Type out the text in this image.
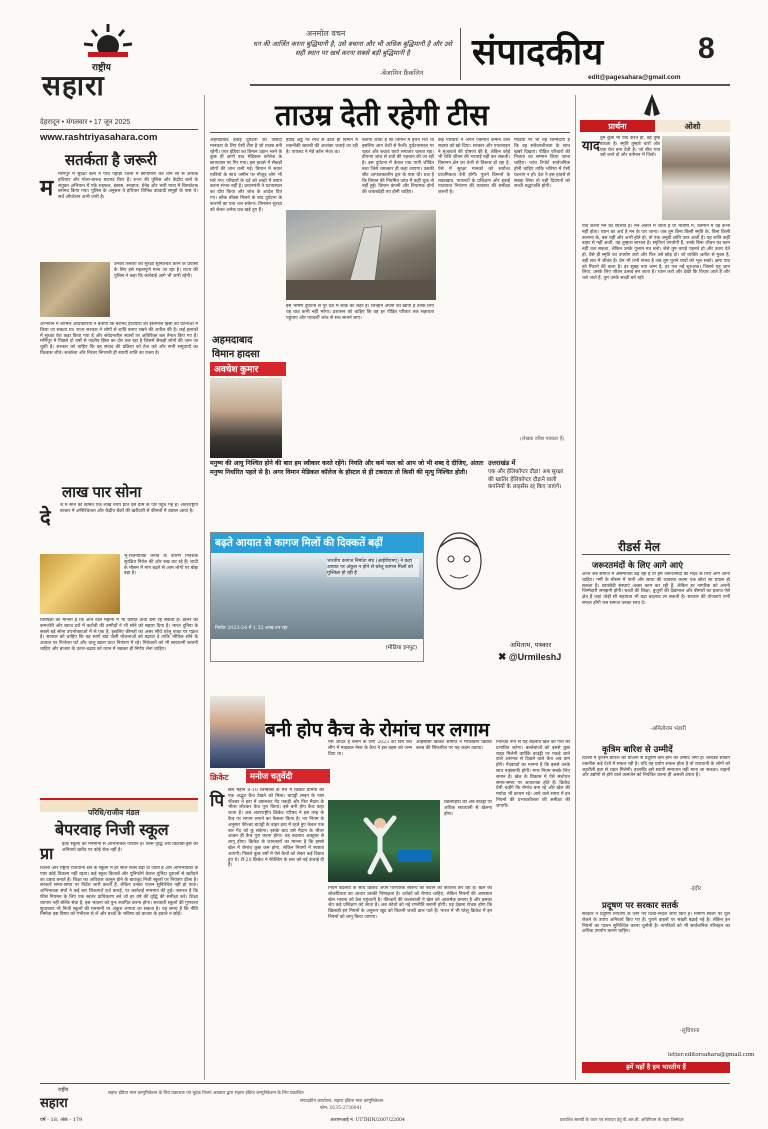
राष्ट्रीय
सहारा
देहरादून • मंगलवार • 17 जून 2025
www.rashtriyasahara.com
अनमोल वचन
धन की आर्जित करना बुद्धिमानी है, उसे बचाना और भी अधिक बुद्धिमानी है और उसे सही स्थान पर खर्च करना सबसे बड़ी बुद्धिमानी है
-बेंजामिन फ्रैंकलिन
संपादकीय	8
edit@pagesahara@gmail.com
सतर्कता है जरूरी
म
मणिपुर में सुरक्षा बलों ने पांच पहाड़ी जिलों में छापामारी कर तीन सौ से अधिक हथियार और गोला-बारूद बरामद किए हैं। राज्य की पुलिस और केंद्रीय बलों के संयुक्त अभियान में एके राइफल, इंसास, स्नाइपर, ग्रेनेड और भारी मात्रा में विस्फोटक बरामद किया गया। पुलिस के अनुसार ये हथियार विभिन्न उग्रवादी समूहों के पास थे। सर्च ऑपरेशन अभी जारी है।
उनकी तलाशी की सुरक्षा सुनिश्चित करने के प्रयासों के लिए इसे महत्वपूर्ण माना जा रहा है। राज्य की पुलिस ने कहा कि कार्रवाई आगे भी जारी रहेगी।
अभियान में शामिल अधिकारियों ने बताया कि बरामद हथियारों का इस्तेमाल हिंसा की घटनाओं में किया जा सकता था। राज्य सरकार ने लोगों से शांति बनाए रखने की अपील की है। कई इलाकों में सुरक्षा घेरा कड़ा किया गया है और संवेदनशील स्थानों पर अतिरिक्त बल तैनात किए गए हैं। मणिपुर में पिछले दो वर्षों से जातीय हिंसा का दौर चल रहा है जिसमें सैकड़ों लोगों की जान जा चुकी है। सरकार को चाहिए कि वह संवाद की प्रक्रिया को तेज करे और सभी समुदायों का विश्वास जीते। सतर्कता और निरंतर निगरानी ही स्थायी शांति का रास्ता है।
लाख पार सोना
दे श में सोने की कीमत एक लाख रुपये प्रति दस ग्राम के पार पहुंच गई है। अंतरराष्ट्रीय बाजार में अनिश्चितता और केंद्रीय बैंकों की खरीदारी से कीमतों में उछाल आया है।
भू-राजनीतिक तनाव के कारण निवेशक सुरक्षित निवेश की ओर रुख कर रहे हैं। शादी के मौसम में मांग बढ़ने से आम लोगों पर बोझ बढ़ा है।
विशेषज्ञों का मानना है कि आने वाले महीनों में भी कीमतें ऊंची बनी रह सकती हैं। डॉलर की कमजोरी और ब्याज दरों में कटौती की उम्मीदों ने भी सोने को सहारा दिया है। भारत दुनिया के सबसे बड़े सोना उपभोक्ताओं में से एक है, इसलिए कीमतों का असर सीधे घरेलू बजट पर पड़ता है। सरकार को चाहिए कि वह स्वर्ण बांड जैसी योजनाओं को बढ़ावा दे ताकि भौतिक सोने के आयात पर निर्भरता घटे और चालू खाता घाटा नियंत्रण में रहे। निवेशकों को भी सावधानी बरतनी चाहिए और बाजार के उतार-चढ़ाव को ध्यान में रखकर ही निर्णय लेना चाहिए।
परिधि/राजीव मंडल
बेपरवाह निजी स्कूल
प्रा इवेट स्कूलों की मनमानी से अभिभावक परेशान हैं। फीस वृद्धि और किताबों-ड्रेस की अनिवार्य खरीद पर कोई रोक नहीं है।
दिल्ली और राष्ट्रीय राजधानी क्षेत्र के स्कूलों में हर साल फीस बढ़ा दी जाती है और अभिभावकों के पास कोई विकल्प नहीं रहता। कई स्कूल किताबें और यूनिफॉर्म केवल चुनिंदा दुकानों से खरीदने का दबाव बनाते हैं। शिक्षा का अधिकार कानून होने के बावजूद निजी स्कूलों पर नियंत्रण ढीला है। सरकारें समय-समय पर निर्देश जारी करती हैं, लेकिन उनका पालन सुनिश्चित नहीं हो पाता। अभिभावक संघों ने कई बार शिकायतें दर्ज कराईं, पर कार्रवाई नाममात्र की हुई। जरूरत है कि फीस नियमन के लिए एक स्वतंत्र प्राधिकरण बने जो हर वर्ष की वृद्धि की समीक्षा करे। शिक्षा व्यापार नहीं बल्कि सेवा है, इस भावना को पुनः स्थापित करना होगा। सरकारी स्कूलों की गुणवत्ता सुधारकर भी निजी स्कूलों की मनमानी पर अंकुश लगाया जा सकता है। यह समय है कि नीति निर्माता इस विषय को गंभीरता से लें और बच्चों के भविष्य को बाजार के हवाले न छोड़ें।
ताउम्र देती रहेगी टीस
अहमदाबाद हवाई दुर्घटना की त्रासदी मानवता के लिए ऐसी टीस है जो ताउम्र बनी रहेगी। एयर इंडिया का विमान उड़ान भरने के कुछ ही क्षणों बाद मेडिकल कॉलेज के छात्रावास पर गिर गया। इस हादसे में सैकड़ों लोगों की जान चली गई। विमान में सवार यात्रियों के साथ जमीन पर मौजूद लोग भी मारे गए। परिवारों के दर्द को शब्दों में बयान करना संभव नहीं है। प्रधानमंत्री ने घटनास्थल का दौरा किया और जांच के आदेश दिए गए। ब्लैक बॉक्स मिलने के बाद दुर्घटना के कारणों का पता चल सकेगा। विमानन सुरक्षा को लेकर अनेक प्रश्न खड़े हुए हैं।
हवाई अड्डे पर रनवे से उठते ही विमान में तकनीकी खराबी की आशंका जताई जा रही है। पायलट ने मेडे कॉल भेजा था।
बताया जाता है कि विमान में ईंधन भरा था इसलिए आग तेजी से फैली। दुर्घटनास्थल पर राहत और बचाव कार्य लगातार चलता रहा। डीएनए जांच से शवों की पहचान की जा रही है। इस दुर्घटना में केवल एक यात्री जीवित बचा जिसे चमत्कार ही कहा जाएगा। उसकी सीट आपातकालीन द्वार के पास थी। प्रश्न है कि विमान की नियमित जांच में कहीं चूक तो नहीं हुई। विमान कंपनी और नियामक दोनों की जवाबदेही तय होनी चाहिए।
कई परिवारों ने अपने एकमात्र कमाने वाले सदस्य को खो दिया। सरकार और एयरलाइन ने मुआवजे की घोषणा की है, लेकिन कोई भी राशि जीवन की भरपाई नहीं कर सकती। विमानन क्षेत्र का तेजी से विस्तार हो रहा है, ऐसे में सुरक्षा मानकों को सर्वोच्च प्राथमिकता देनी होगी। पुराने विमानों के रखरखाव, पायलटों के प्रशिक्षण और हवाई यातायात नियंत्रण की व्यवस्था की समीक्षा जरूरी है।
मीडिया पर भी यह जिम्मेदारी है कि वह संवेदनशीलता के साथ खबरें दिखाए। पीड़ित परिवारों की निजता का सम्मान किया जाना चाहिए। जांच रिपोर्ट सार्वजनिक होनी चाहिए ताकि भविष्य में ऐसी घटनाएं न हों। देश ने इस हादसे से सबक लिया तो यही दिवंगतों को सच्ची श्रद्धांजलि होगी।
अहमदाबाद
विमान हादसा
अवधेश कुमार
इस भीषण दुर्घटना से पूरे देश में शोक की लहर है। जिन्होंने अपनों को खोया है उनके लिए यह घाव कभी नहीं भरेगा। प्रशासन को चाहिए कि वह हर पीड़ित परिवार तक सहायता पहुंचाए और पारदर्शी जांच से सच सामने लाए।
मनुष्य की आयु निश्चित होने की बात हम स्वीकार करते रहेंगे। नियति और कर्म फल को आप जो भी शब्द दे दीजिए, अंततः मनुष्य निर्धारित पहले से है। अगर विमान मेडिकल कॉलेज के हॉस्टल से ही टकराता तो किसी की मृत्यु निश्चित होती।
(लेखक वरिष्ठ पत्रकार हैं)
उत्तराखंड में
एक और हेलिकॉप्टर दौड़ा! अब सुरक्षा की खातिर हेलिकॉप्टर दौड़ाने वाली कंपनियों के लाइसेंस रद्द किए जाएंगे।
अमिताभ, पत्रकार
✖ @UrmileshJ
बढ़ते आयात से कागज मिलों की दिक्कतें बढ़ीं
भारतीय कागज निर्माता संघ (आईपीएमए) ने कहा आयात पर अंकुश न होने से घरेलू कागज मिलों को मुश्किल हो रही है
निर्यात 2023-24 में 1.52 लाख टन रहा
(मीडिया इनपुट)
बनी होप कैच के रोमांच पर लगाम
क्रिकेट	मनोज चतुर्वेदी
पि
छले महीने 8-10 जिम्बाब्वे के मैच में क्रिकेट प्रेमियों को एक अद्भुत कैच देखने को मिला। बाउंड्री लाइन के पास फील्डर ने हवा में उछलकर गेंद पकड़ी और फिर मैदान के भीतर लौटकर कैच पूरा किया। इसे बनी होप कैच कहा जाता है। अब अंतरराष्ट्रीय क्रिकेट परिषद ने इस तरह के कैच पर लगाम लगाने का फैसला किया है। नए नियम के अनुसार फील्डर बाउंड्री के बाहर हवा में रहते हुए केवल एक बार गेंद को छू सकेगा। इसके बाद उसे मैदान के भीतर आकर ही कैच पूरा करना होगा। यह बदलाव अक्टूबर से लागू होगा। क्रिकेट के जानकारों का मानना है कि इससे खेल में रोमांच कुछ कम होगा, लेकिन नियमों में स्पष्टता आएगी। पिछले कुछ वर्षों में ऐसे कैचों को लेकर कई विवाद हुए थे। टी-20 क्रिकेट ने फील्डिंग के स्तर को नई ऊंचाई दी है।
ऐसे आदत है बनाने के लिए 2023 की बिग बैश लीग में माइकल नेसर के कैच ने इस बहस को जन्म दिया था।
आईसीसी क्रिकेट समिति ने मैरीलेबोन क्रिकेट क्लब की सिफारिश पर यह कदम उठाया।
खिलाड़ियों को अब बाउंड्री पर अधिक सावधानी से खेलना होगा।
नियम बदलाव के साथ क्रिकेट अपने पारंपरिक स्वरूप को बचाने की कोशिश कर रहा है। खेल की लोकप्रियता का आधार उसकी निष्पक्षता है। दर्शकों को रोमांच चाहिए, लेकिन नियमों की अस्पष्टता खेल भावना को ठेस पहुंचाती है। फील्डरों की कलाबाजी ने खेल को आकर्षक बनाया है और इसका श्रेय कड़े प्रशिक्षण को जाता है। अब कोचों को नई रणनीति बनानी होगी। यह देखना रोचक होगा कि खिलाड़ी इन नियमों के अनुरूप खुद को कितनी जल्दी ढाल पाते हैं। भारत में भी घरेलू क्रिकेट में इन नियमों को लागू किया जाएगा।
निश्चित रूप से यह बदलाव खेल की गति को प्रभावित करेगा। बल्लेबाजों को इससे कुछ राहत मिलेगी क्योंकि बाउंड्री पर पकड़े जाने वाले असंभव से दिखने वाले कैच अब कम होंगे। गेंदबाजों का मानना है कि इससे उनके साथ नाइंसाफी होगी। मगर नियम सबके लिए समान हैं। खेल के विकास में ऐसे संशोधन समय-समय पर आवश्यक होते हैं। क्रिकेट प्रेमी चाहेंगे कि रोमांच बना रहे और खेल की मर्यादा भी कायम रहे। आने वाले समय में इन नियमों की प्रभावशीलता की समीक्षा की जाएगी।
प्रार्थना	ओशो
याद
तुम कुछ भी याद करते हो, वह तुम्हें बांधता है। स्मृति तुम्हारे चारों ओर एक घेरा बना देती है। जो बीत गया उसे जाने दो और वर्तमान में जियो।
याद करना मन का स्वभाव है। मन अतीत में जीता है या भविष्य में, वर्तमान में वह कभी नहीं होता। ध्यान का अर्थ है मन के पार जाना। जब तुम बिना किसी स्मृति के, बिना किसी कल्पना के, बस यहीं और अभी होते हो, तो एक अनूठी शांति उतर आती है। यह शांति कहीं बाहर से नहीं आती, यह तुम्हारा स्वभाव है। स्मृतियां उपयोगी हैं, उनके बिना जीवन का काम नहीं चल सकता, लेकिन उनके गुलाम मत बनो। जैसे तुम कपड़े पहनते हो और उतार देते हो, वैसे ही स्मृति का उपयोग करो और फिर उसे छोड़ दो। जो व्यक्ति अतीत से मुक्त है, वही सच में जीवंत है। प्रेम भी तभी संभव है जब तुम पुराने घावों को भूल सको। क्षमा याद को मिटाने की कला है। हर सुबह नया जन्म है, हर पल नई शुरुआत। जिसने यह जान लिया, उसके लिए जीवन उत्सव बन जाता है। ध्यान करो और देखो कि विचार आते हैं और चले जाते हैं, तुम उनके साक्षी बने रहो।
रीडर्स मेल
जरूरतमंदों के लिए आगे आएं
आज जब समाज में असमानता बढ़ रही है तो हमें जरूरतमंदों की मदद के लिए आगे आना चाहिए। गर्मी के मौसम में पानी और छाया की व्यवस्था करना एक छोटा सा प्रयास हो सकता है। स्वयंसेवी संस्थाएं अच्छा काम कर रही हैं, लेकिन हर नागरिक को अपनी जिम्मेदारी समझनी होगी। बच्चों की शिक्षा, बुजुर्गों की देखभाल और बीमारों का इलाज ऐसे क्षेत्र हैं जहां थोड़ी सी सहायता भी बड़ा बदलाव ला सकती है। सरकार की योजनाएं तभी सफल होंगी जब समाज उनका साथ दे।
-अमितोराम भंडारी
कृत्रिम बारिश से उम्मीदें
दिल्ली में कृत्रिम बारिश की योजना से प्रदूषण कम होने की उम्मीद जगी है। क्लाउड सीडिंग तकनीक कई देशों में सफल रही है। यदि यह प्रयोग सफल होता है तो राजधानी के लोगों को जहरीली हवा से राहत मिलेगी। हालांकि इसे स्थायी समाधान नहीं माना जा सकता। वाहनों और उद्योगों से होने वाले उत्सर्जन को नियंत्रित करना ही असली उपाय है।
-इंदौर
प्रदूषण पर सरकार सतर्क
सरकार ने प्रदूषण नियंत्रण के लिए नए दिशा-निर्देश जारी किए हैं। निर्माण स्थलों पर धूल रोकने के उपाय अनिवार्य किए गए हैं। पुराने वाहनों पर सख्ती बढ़ाई गई है। लेकिन इन नियमों का पालन सुनिश्चित करना चुनौती है। नागरिकों को भी सार्वजनिक परिवहन का अधिक उपयोग करना चाहिए।
-लुधियाना
letter.editorsahara@gmail.com
हमें यहाँ है हम भारतीय हैं
राष्ट्रीय
सहारा
वर्ष - 18, अंक - 179
सहारा इंडिया मास कम्युनिकेशन के लिए प्रकाशक एवं मुद्रक विजय अग्रवाल द्वारा सहारा इंडिया कम्युनिकेशन के लिए प्रकाशित
संपादकीय कार्यालय: सहारा इंडिया मास कम्युनिकेशन
फोन: 0135-2730041
आरएनआई नं. UTTHIN/2007/22004	प्रकाशित सामग्री के चयन एवं संपादन हेतु पी.आर.बी. अधिनियम के तहत जिम्मेदार
